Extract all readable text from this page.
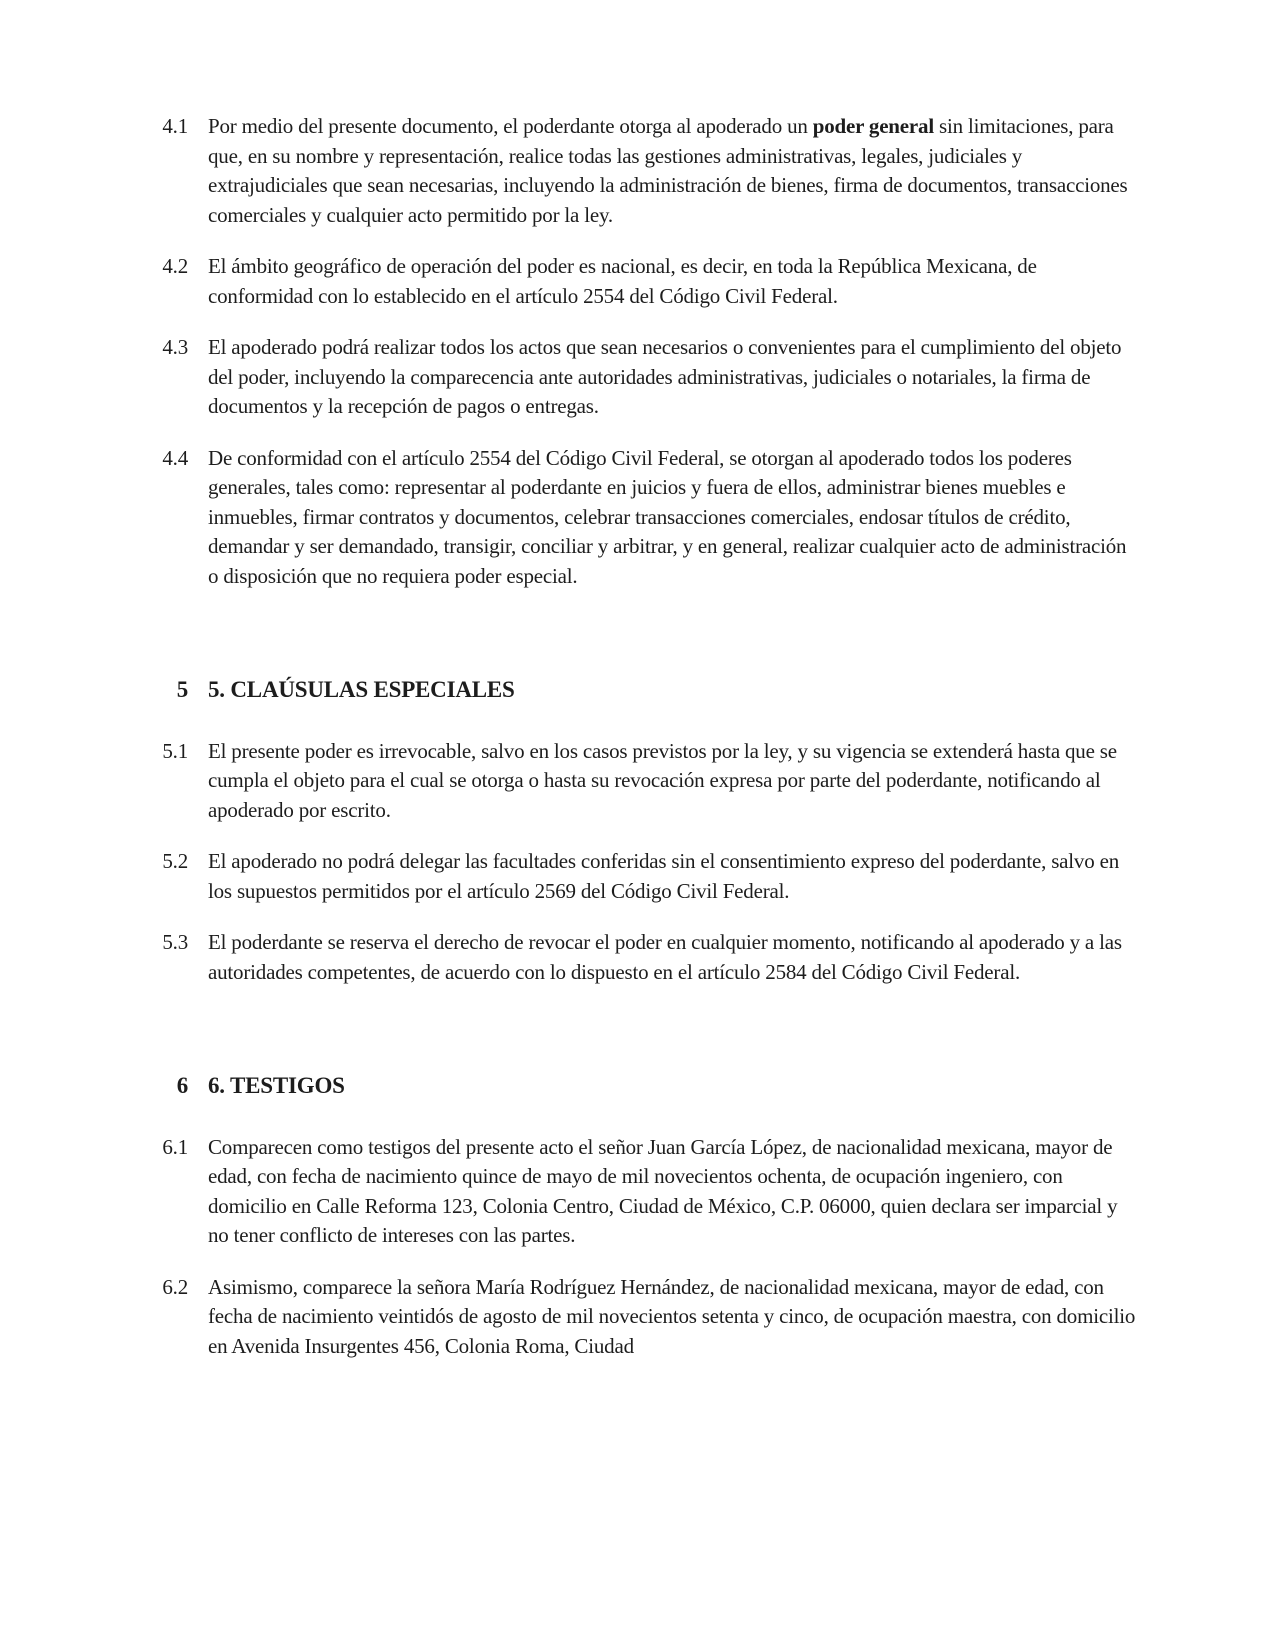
4.1 Por medio del presente documento, el poderdante otorga al apoderado un poder general sin limitaciones, para que, en su nombre y representación, realice todas las gestiones administrativas, legales, judiciales y extrajudiciales que sean necesarias, incluyendo la administración de bienes, firma de documentos, transacciones comerciales y cualquier acto permitido por la ley.
4.2 El ámbito geográfico de operación del poder es nacional, es decir, en toda la República Mexicana, de conformidad con lo establecido en el artículo 2554 del Código Civil Federal.
4.3 El apoderado podrá realizar todos los actos que sean necesarios o convenientes para el cumplimiento del objeto del poder, incluyendo la comparecencia ante autoridades administrativas, judiciales o notariales, la firma de documentos y la recepción de pagos o entregas.
4.4 De conformidad con el artículo 2554 del Código Civil Federal, se otorgan al apoderado todos los poderes generales, tales como: representar al poderdante en juicios y fuera de ellos, administrar bienes muebles e inmuebles, firmar contratos y documentos, celebrar transacciones comerciales, endosar títulos de crédito, demandar y ser demandado, transigir, conciliar y arbitrar, y en general, realizar cualquier acto de administración o disposición que no requiera poder especial.
5 5. CLAÚSULAS ESPECIALES
5.1 El presente poder es irrevocable, salvo en los casos previstos por la ley, y su vigencia se extenderá hasta que se cumpla el objeto para el cual se otorga o hasta su revocación expresa por parte del poderdante, notificando al apoderado por escrito.
5.2 El apoderado no podrá delegar las facultades conferidas sin el consentimiento expreso del poderdante, salvo en los supuestos permitidos por el artículo 2569 del Código Civil Federal.
5.3 El poderdante se reserva el derecho de revocar el poder en cualquier momento, notificando al apoderado y a las autoridades competentes, de acuerdo con lo dispuesto en el artículo 2584 del Código Civil Federal.
6 6. TESTIGOS
6.1 Comparecen como testigos del presente acto el señor Juan García López, de nacionalidad mexicana, mayor de edad, con fecha de nacimiento quince de mayo de mil novecientos ochenta, de ocupación ingeniero, con domicilio en Calle Reforma 123, Colonia Centro, Ciudad de México, C.P. 06000, quien declara ser imparcial y no tener conflicto de intereses con las partes.
6.2 Asimismo, comparece la señora María Rodríguez Hernández, de nacionalidad mexicana, mayor de edad, con fecha de nacimiento veintidós de agosto de mil novecientos setenta y cinco, de ocupación maestra, con domicilio en Avenida Insurgentes 456, Colonia Roma, Ciudad
